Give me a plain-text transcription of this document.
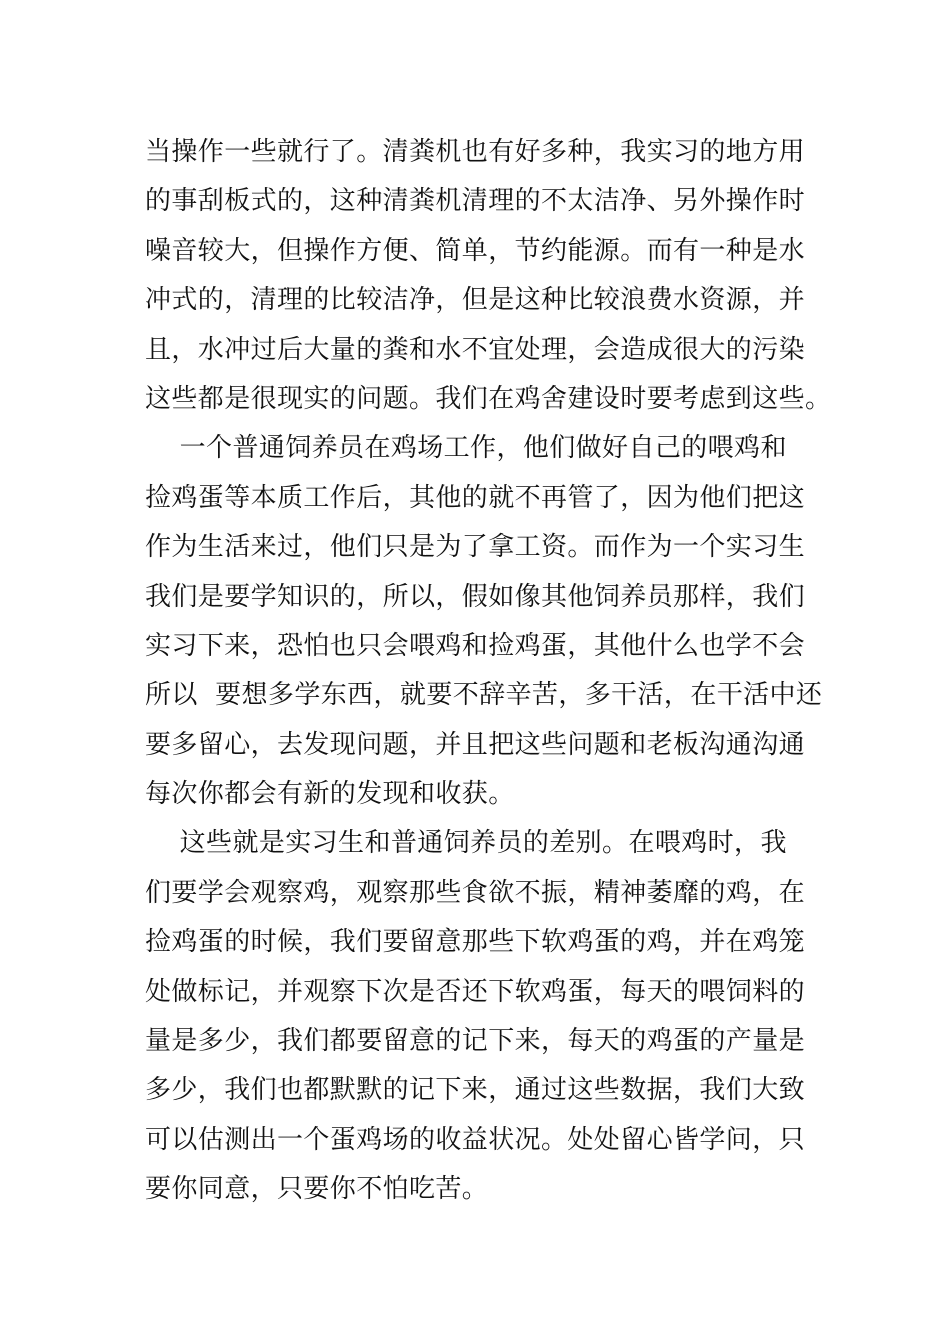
当操作一些就行了。清粪机也有好多种，我实习的地方用
的事刮板式的，这种清粪机清理的不太洁净、另外操作时
噪音较大，但操作方便、简单，节约能源。而有一种是水
冲式的，清理的比较洁净，但是这种比较浪费水资源，并
且，水冲过后大量的粪和水不宜处理，会造成很大的污染
这些都是很现实的问题。我们在鸡舍建设时要考虑到这些。
一个普通饲养员在鸡场工作，他们做好自己的喂鸡和
捡鸡蛋等本质工作后，其他的就不再管了，因为他们把这
作为生活来过，他们只是为了拿工资。而作为一个实习生
我们是要学知识的，所以，假如像其他饲养员那样，我们
实习下来，恐怕也只会喂鸡和捡鸡蛋，其他什么也学不会
所以  要想多学东西，就要不辞辛苦，多干活，在干活中还
要多留心，去发现问题，并且把这些问题和老板沟通沟通
每次你都会有新的发现和收获。
这些就是实习生和普通饲养员的差别。在喂鸡时，我
们要学会观察鸡，观察那些食欲不振，精神萎靡的鸡，在
捡鸡蛋的时候，我们要留意那些下软鸡蛋的鸡，并在鸡笼
处做标记，并观察下次是否还下软鸡蛋，每天的喂饲料的
量是多少，我们都要留意的记下来，每天的鸡蛋的产量是
多少，我们也都默默的记下来，通过这些数据，我们大致
可以估测出一个蛋鸡场的收益状况。处处留心皆学问，只
要你同意，只要你不怕吃苦。
